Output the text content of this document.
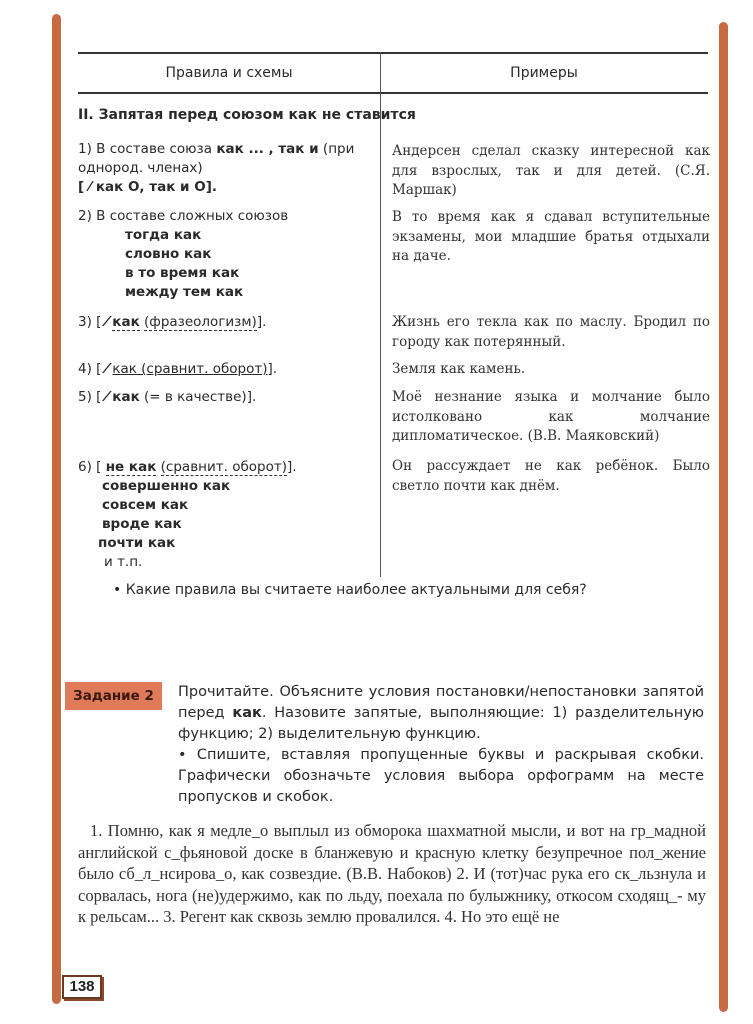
Правила и схемы	Примеры
II. Запятая перед союзом как не ставится
1) В составе союза как ... , так и (при однород. членах)
[ ⁄ как О, так и О].
2) В составе сложных союзов
тогда как
словно как
в то время как
между тем как
3) [ ⁄ как (фразеологизм)].
4) [ ⁄ как (сравнит. оборот)].
5) [ ⁄ как (= в качестве)].
6) [ не как (сравнит. оборот)].
совершенно как
совсем как
вроде как
почти как
и т.п.
Андерсен сделал сказку интересной как для взрослых, так и для детей. (С.Я. Маршак)
В то время как я сдавал вступительные экзамены, мои младшие братья отдыхали на даче.
Жизнь его текла как по маслу. Бродил по городу как потерянный.
Земля как камень.
Моё незнание языка и молчание было истолковано как молчание дипломатическое. (В.В. Маяковский)
Он рассуждает не как ребёнок. Было светло почти как днём.
• Какие правила вы считаете наиболее актуальными для себя?
Задание 2	Прочитайте. Объясните условия постановки/непостановки запятой перед как. Назовите запятые, выполняющие: 1) разделительную функцию; 2) выделительную функцию.
• Спишите, вставляя пропущенные буквы и раскрывая скобки. Графически обозначьте условия выбора орфограмм на месте пропусков и скобок.
1. Помню, как я медле_о выплыл из обморока шахматной мысли, и вот на гр_мадной английской с_фьяновой доске в бланжевую и красную клетку безупречное пол_жение было сб_л_нсирова_о, как созвездие. (В.В. Набоков) 2. И (тот)час рука его ск_льзнула и сорвалась, нога (не)удержимо, как по льду, поехала по булыжнику, откосом сходящ_- му к рельсам... 3. Регент как сквозь землю провалился. 4. Но это ещё не
138
